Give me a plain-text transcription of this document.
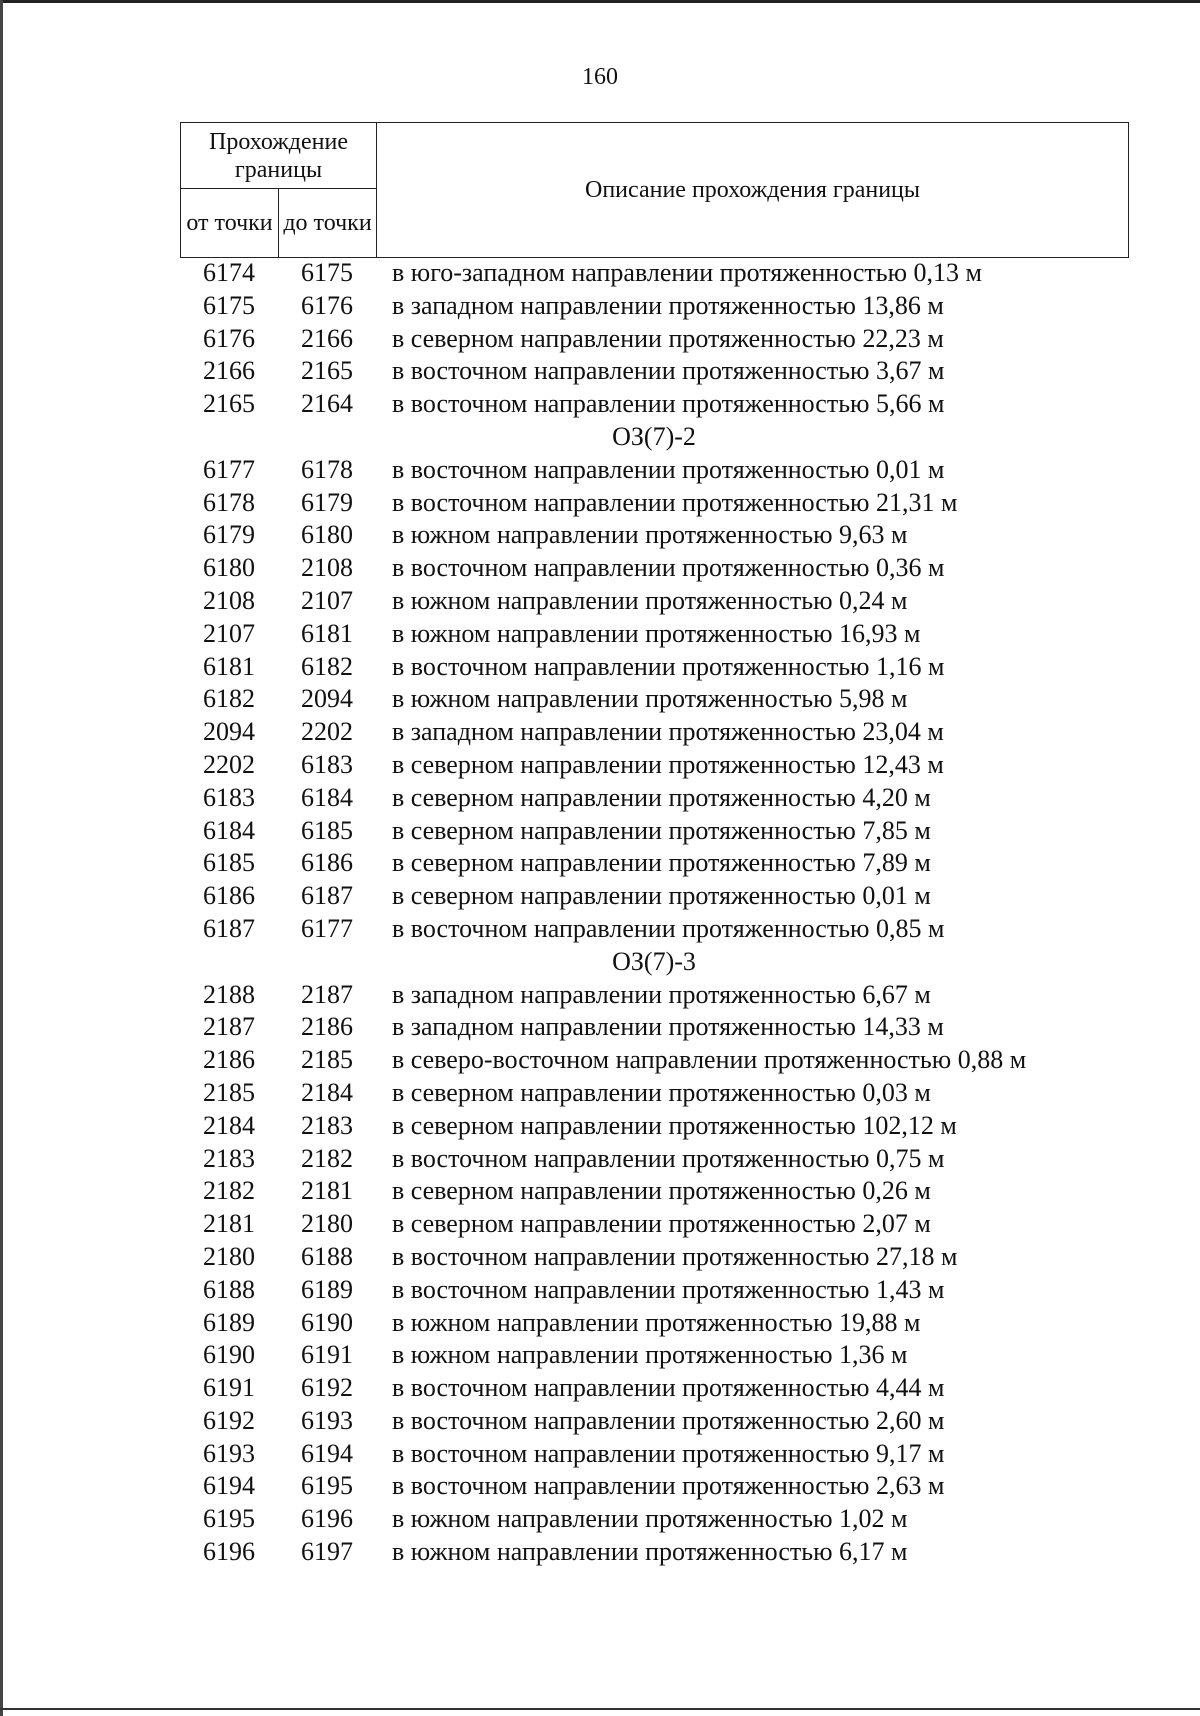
160
Прохождение границы		Описание прохождения границы
от точки	до точки	
6174	6175	в юго-западном направлении протяженностью 0,13 м
6175	6176	в западном направлении протяженностью 13,86 м
6176	2166	в северном направлении протяженностью 22,23 м
2166	2165	в восточном направлении протяженностью 3,67 м
2165	2164	в восточном направлении протяженностью 5,66 м
ОЗ(7)-2
6177	6178	в восточном направлении протяженностью 0,01 м
6178	6179	в восточном направлении протяженностью 21,31 м
6179	6180	в южном направлении протяженностью 9,63 м
6180	2108	в восточном направлении протяженностью 0,36 м
2108	2107	в южном направлении протяженностью 0,24 м
2107	6181	в южном направлении протяженностью 16,93 м
6181	6182	в восточном направлении протяженностью 1,16 м
6182	2094	в южном направлении протяженностью 5,98 м
2094	2202	в западном направлении протяженностью 23,04 м
2202	6183	в северном направлении протяженностью 12,43 м
6183	6184	в северном направлении протяженностью 4,20 м
6184	6185	в северном направлении протяженностью 7,85 м
6185	6186	в северном направлении протяженностью 7,89 м
6186	6187	в северном направлении протяженностью 0,01 м
6187	6177	в восточном направлении протяженностью 0,85 м
ОЗ(7)-3
2188	2187	в западном направлении протяженностью 6,67 м
2187	2186	в западном направлении протяженностью 14,33 м
2186	2185	в северо-восточном направлении протяженностью 0,88 м
2185	2184	в северном направлении протяженностью 0,03 м
2184	2183	в северном направлении протяженностью 102,12 м
2183	2182	в восточном направлении протяженностью 0,75 м
2182	2181	в северном направлении протяженностью 0,26 м
2181	2180	в северном направлении протяженностью 2,07 м
2180	6188	в восточном направлении протяженностью 27,18 м
6188	6189	в восточном направлении протяженностью 1,43 м
6189	6190	в южном направлении протяженностью 19,88 м
6190	6191	в южном направлении протяженностью 1,36 м
6191	6192	в восточном направлении протяженностью 4,44 м
6192	6193	в восточном направлении протяженностью 2,60 м
6193	6194	в восточном направлении протяженностью 9,17 м
6194	6195	в восточном направлении протяженностью 2,63 м
6195	6196	в южном направлении протяженностью 1,02 м
6196	6197	в южном направлении протяженностью 6,17 м
